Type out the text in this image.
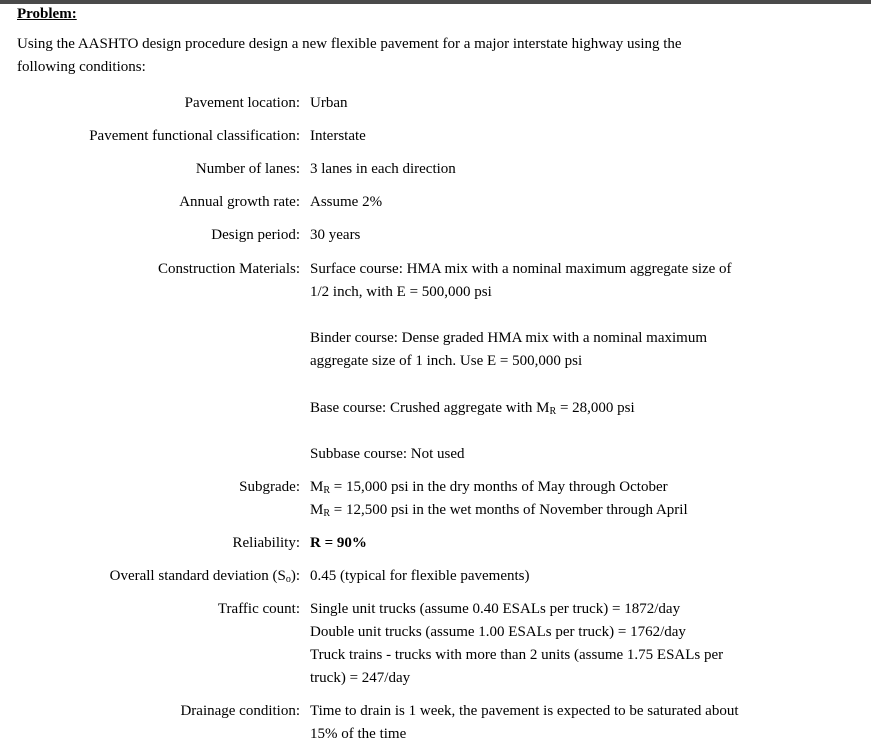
Problem:
Using the AASHTO design procedure design a new flexible pavement for a major interstate highway using the
following conditions:
Pavement location: Urban
Pavement functional classification: Interstate
Number of lanes: 3 lanes in each direction
Annual growth rate: Assume 2%
Design period: 30 years
Construction Materials: Surface course: HMA mix with a nominal maximum aggregate size of
1/2 inch, with E = 500,000 psi
Binder course: Dense graded HMA mix with a nominal maximum
aggregate size of 1 inch. Use E = 500,000 psi
Base course: Crushed aggregate with $M_R = 28,000$ psi
Subbase course: Not used
Subgrade: $M_R = 15,000$ psi in the dry months of May through October
$M_R = 12,500$ psi in the wet months of November through April
Reliability: R = 90%
Overall standard deviation $(S_o)$: 0.45 (typical for flexible pavements)
Traffic count: Single unit trucks (assume 0.40 ESALs per truck) = 1872/day
Double unit trucks (assume 1.00 ESALs per truck) = 1762/day
Truck trains - trucks with more than 2 units (assume 1.75 ESALs per
truck) = 247/day
Drainage condition: Time to drain is 1 week, the pavement is expected to be saturated about
15% of the time
